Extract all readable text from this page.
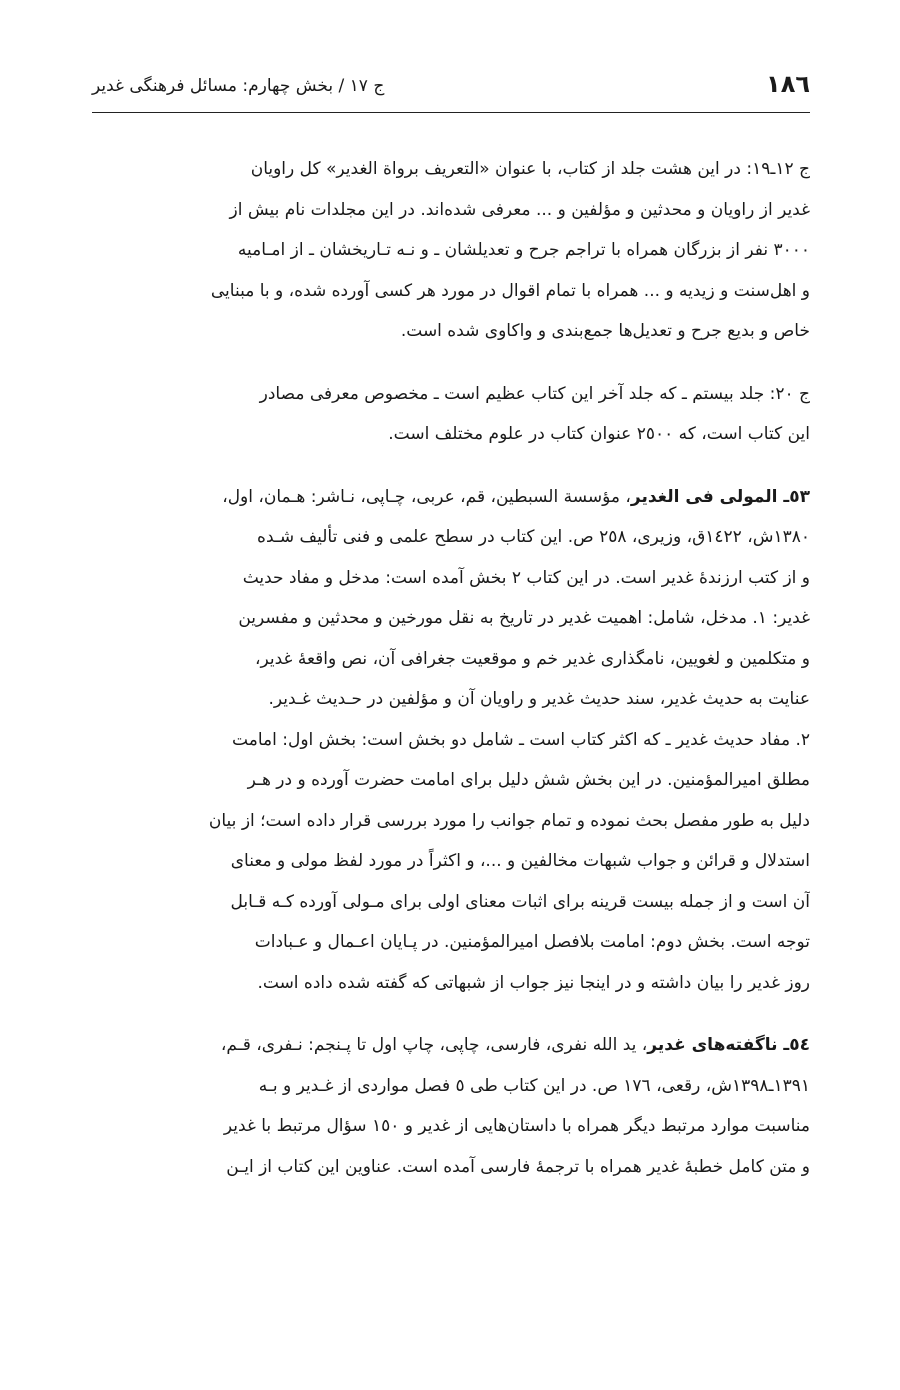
١٨٦
ج ١٧ / بخش چهارم: مسائل فرهنگی غدیر

ج ١٢ـ١٩: در این هشت جلد از کتاب، با عنوان «التعریف برواة الغدیر» کل راویان
غدیر از راویان و محدثین و مؤلفین و ... معرفی شده‌اند. در این مجلدات نام بیش از
٣٠٠٠ نفر از بزرگان همراه با تراجم جرح و تعدیلشان ـ و نـه تـاریخشان ـ از امـامیه
و اهل‌سنت و زیدیه و ... همراه با تمام اقوال در مورد هر کسی آورده شده، و با مبنایی
خاص و بدیع جرح و تعدیل‌ها جمع‌بندی و واکاوی شده است.

ج ٢٠: جلد بیستم ـ که جلد آخر این کتاب عظیم است ـ مخصوص معرفی مصادر
این کتاب است، که ٢٥٠٠ عنوان کتاب در علوم مختلف است.

٥٣ـ المولی فی الغدیر، مؤسسة السبطین، قم، عربی، چـاپی، نـاشر: هـمان، اول،
١٣٨٠ش، ١٤٢٢ق، وزیری، ٢٥٨ ص. این کتاب در سطح علمی و فنی تألیف شـده
و از کتب ارزندهٔ غدیر است. در این کتاب ٢ بخش آمده است: مدخل و مفاد حدیث
غدیر: ١. مدخل، شامل: اهمیت غدیر در تاریخ به نقل مورخین و محدثین و مفسرین
و متکلمین و لغویین، نامگذاری غدیر خم و موقعیت جغرافی آن، نص واقعهٔ غدیر،
عنایت به حدیث غدیر، سند حدیث غدیر و راویان آن و مؤلفین در حـدیث غـدیر.
٢. مفاد حدیث غدیر ـ که اکثر کتاب است ـ شامل دو بخش است: بخش اول: امامت
مطلق امیرالمؤمنین. در این بخش شش دلیل برای امامت حضرت آورده و در هـر
دلیل به طور مفصل بحث نموده و تمام جوانب را مورد بررسی قرار داده است؛ از بیان
استدلال و قرائن و جواب شبهات مخالفین و ...، و اکثراً در مورد لفظ مولی و معنای
آن است و از جمله بیست قرینه برای اثبات معنای اولی برای مـولی آورده کـه قـابل
توجه است. بخش دوم: امامت بلافصل امیرالمؤمنین. در پـایان اعـمال و عـبادات
روز غدیر را بیان داشته و در اینجا نیز جواب از شبهاتی که گفته شده داده است.

٥٤ـ ناگفته‌های غدیر، ید الله نفری، فارسی، چاپی، چاپ اول تا پـنجم: نـفری، قـم،
١٣٩١ـ١٣٩٨ش، رقعی، ١٧٦ ص. در این کتاب طی ٥ فصل مواردی از غـدیر و بـه
مناسبت موارد مرتبط دیگر همراه با داستان‌هایی از غدیر و ١٥٠ سؤال مرتبط با غدیر
و متن کامل خطبهٔ غدیر همراه با ترجمهٔ فارسی آمده است. عناوین این کتاب از ایـن
